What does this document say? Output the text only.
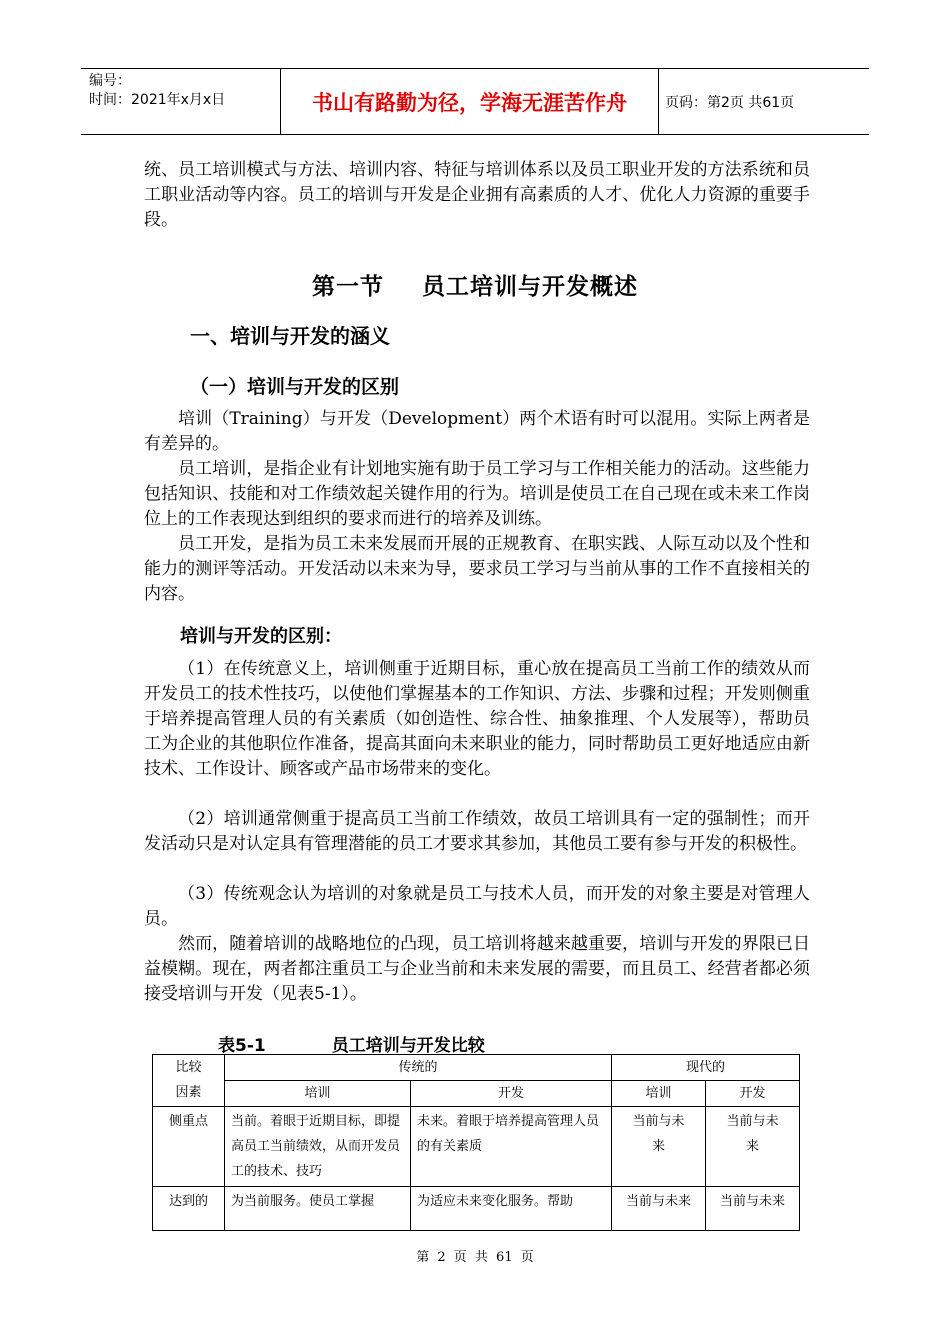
编号：
时间：2021年x月x日	书山有路勤为径，学海无涯苦作舟	页码：第2页 共61页

统、员工培训模式与方法、培训内容、特征与培训体系以及员工职业开发的方法系统和员工职业活动等内容。员工的培训与开发是企业拥有高素质的人才、优化人力资源的重要手段。

第一节 员工培训与开发概述
一、培训与开发的涵义
（一）培训与开发的区别

培训（Training）与开发（Development）两个术语有时可以混用。实际上两者是有差异的。

员工培训，是指企业有计划地实施有助于员工学习与工作相关能力的活动。这些能力包括知识、技能和对工作绩效起关键作用的行为。培训是使员工在自己现在或未来工作岗位上的工作表现达到组织的要求而进行的培养及训练。

员工开发，是指为员工未来发展而开展的正规教育、在职实践、人际互动以及个性和能力的测评等活动。开发活动以未来为导，要求员工学习与当前从事的工作不直接相关的内容。

培训与开发的区别：

（1）在传统意义上，培训侧重于近期目标，重心放在提高员工当前工作的绩效从而开发员工的技术性技巧，以使他们掌握基本的工作知识、方法、步骤和过程；开发则侧重于培养提高管理人员的有关素质（如创造性、综合性、抽象推理、个人发展等），帮助员工为企业的其他职位作准备，提高其面向未来职业的能力，同时帮助员工更好地适应由新技术、工作设计、顾客或产品市场带来的变化。

（2）培训通常侧重于提高员工当前工作绩效，故员工培训具有一定的强制性；而开发活动只是对认定具有管理潜能的员工才要求其参加，其他员工要有参与开发的积极性。

（3）传统观念认为培训的对象就是员工与技术人员，而开发的对象主要是对管理人员。

然而，随着培训的战略地位的凸现，员工培训将越来越重要，培训与开发的界限已日益模糊。现在，两者都注重员工与企业当前和未来发展的需要，而且员工、经营者都必须接受培训与开发（见表5-1）。

表5-1	员工培训与开发比较
比较
因素	传统的		现代的	
	培训	开发	培训	开发
侧重点	当前。着眼于近期目标，即提高员工当前绩效，从而开发员工的技术、技巧	未来。着眼于培养提高管理人员的有关素质	当前与未来	当前与未来
达到的	为当前服务。使员工掌握	为适应未来变化服务。帮助	当前与未来	当前与未来
第 2 页 共 61 页
